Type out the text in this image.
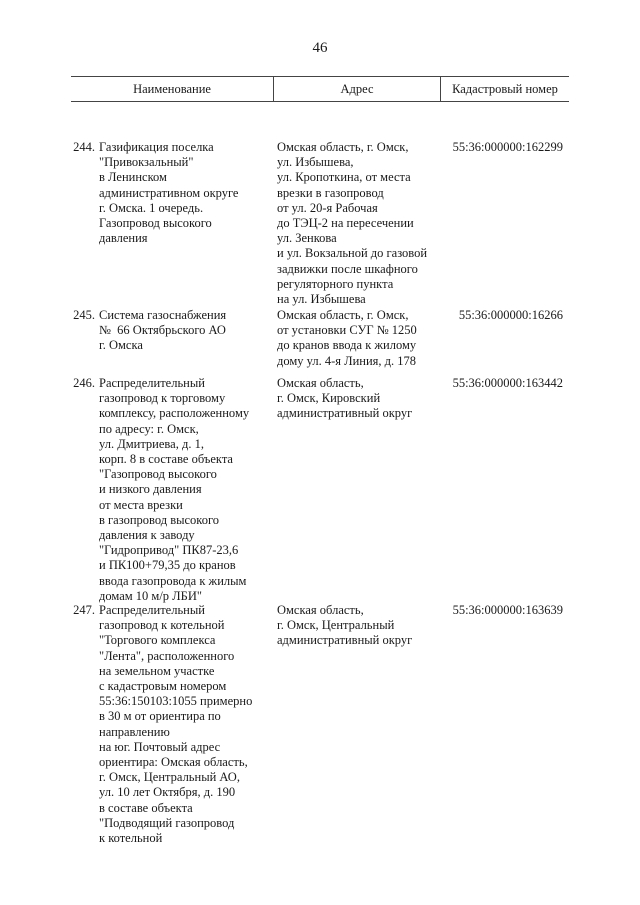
46
Наименование	Адрес	Кадастровый номер
244. Газификация поселка
"Привокзальный"
в Ленинском
административном округе
г. Омска. 1 очередь.
Газопровод высокого
давления
Омская область, г. Омск,
ул. Избышева,
ул. Кропоткина, от места
врезки в газопровод
от ул. 20-я Рабочая
до ТЭЦ-2 на пересечении
ул. Зенкова
и ул. Вокзальной до газовой
задвижки после шкафного
регуляторного пункта
на ул. Избышева
55:36:000000:162299
245. Система газоснабжения
№  66 Октябрьского АО
г. Омска
Омская область, г. Омск,
от установки СУГ № 1250
до кранов ввода к жилому
дому ул. 4-я Линия, д. 178
55:36:000000:16266
246. Распределительный
газопровод к торговому
комплексу, расположенному
по адресу: г. Омск,
ул. Дмитриева, д. 1,
корп. 8 в составе объекта
"Газопровод высокого
и низкого давления
от места врезки
в газопровод высокого
давления к заводу
"Гидропривод" ПК87-23,6
и ПК100+79,35 до кранов
ввода газопровода к жилым
домам 10 м/р ЛБИ"
Омская область,
г. Омск, Кировский
административный округ
55:36:000000:163442
247. Распределительный
газопровод к котельной
"Торгового комплекса
"Лента", расположенного
на земельном участке
с кадастровым номером
55:36:150103:1055 примерно
в 30 м от ориентира по
направлению
на юг. Почтовый адрес
ориентира: Омская область,
г. Омск, Центральный АО,
ул. 10 лет Октября, д. 190
в составе объекта
"Подводящий газопровод
к котельной
Омская область,
г. Омск, Центральный
административный округ
55:36:000000:163639
